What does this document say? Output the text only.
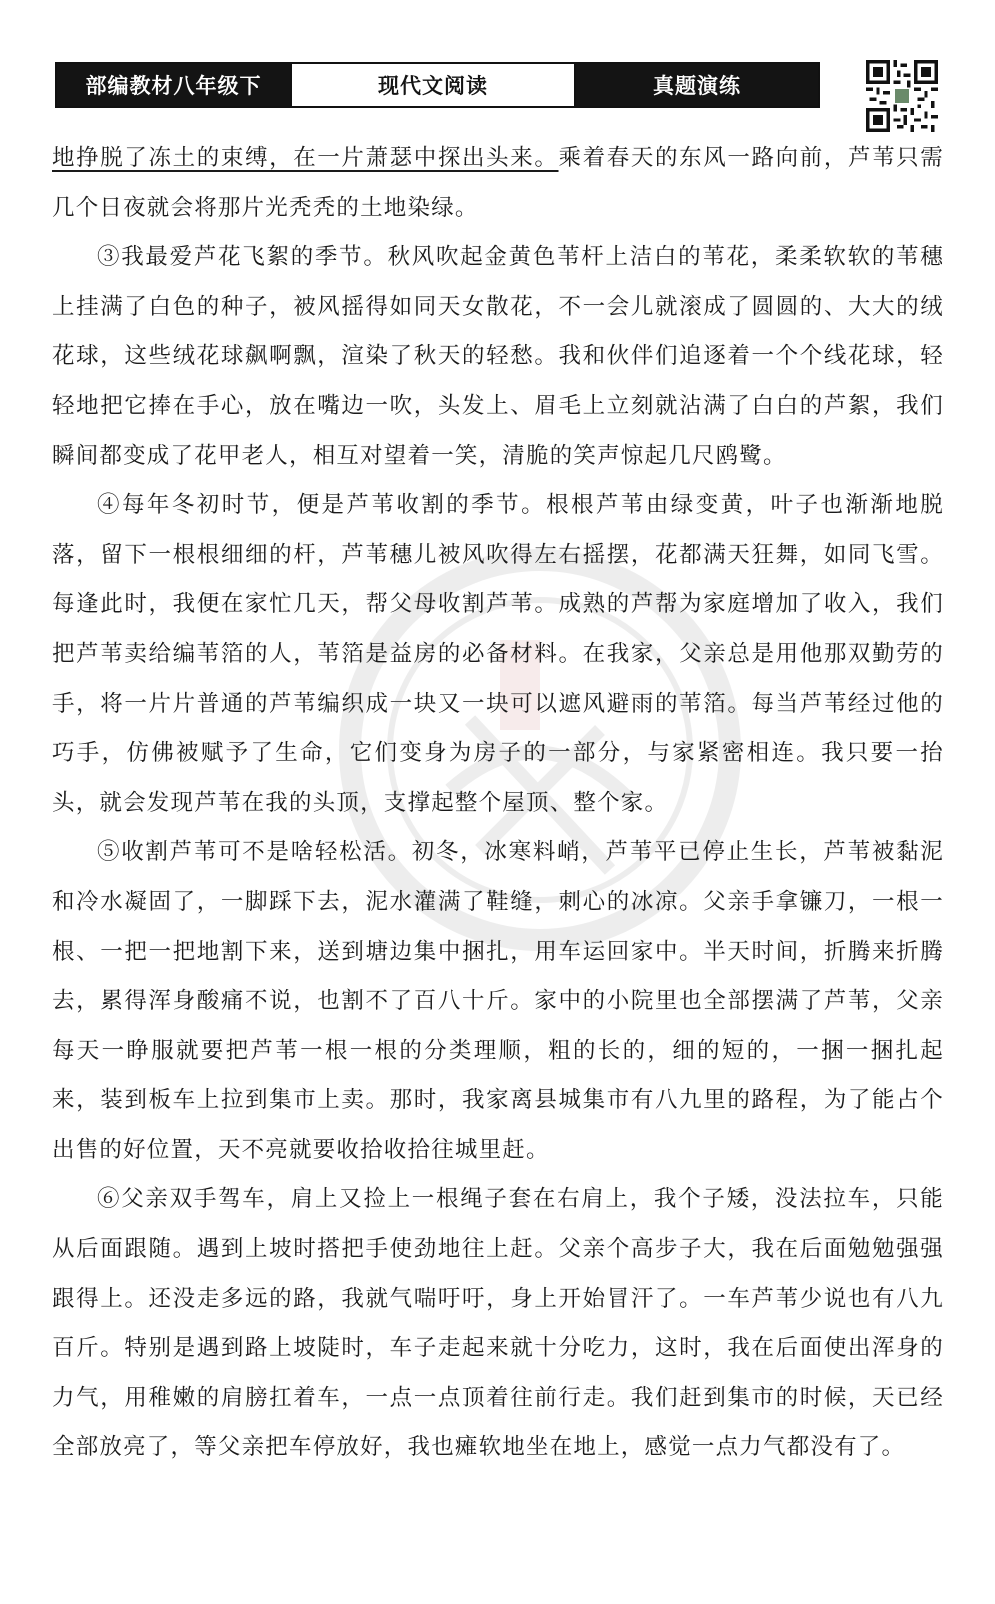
部编教材八年级下	现代文阅读	真题演练

地挣脱了冻土的束缚，在一片萧瑟中探出头来。乘着春天的东风一路向前，芦苇只需几个日夜就会将那片光秃秃的土地染绿。

③我最爱芦花飞絮的季节。秋风吹起金黄色苇杆上洁白的苇花，柔柔软软的苇穗上挂满了白色的种子，被风摇得如同天女散花，不一会儿就滚成了圆圆的、大大的绒花球，这些绒花球飙啊飘，渲染了秋天的轻愁。我和伙伴们追逐着一个个线花球，轻轻地把它捧在手心，放在嘴边一吹，头发上、眉毛上立刻就沾满了白白的芦絮，我们瞬间都变成了花甲老人，相互对望着一笑，清脆的笑声惊起几尺鸥鹭。

④每年冬初时节，便是芦苇收割的季节。根根芦苇由绿变黄，叶子也渐渐地脱落，留下一根根细细的杆，芦苇穗儿被风吹得左右摇摆，花都满天狂舞，如同飞雪。每逢此时，我便在家忙几天，帮父母收割芦苇。成熟的芦帮为家庭增加了收入，我们把芦苇卖给编苇箔的人，苇箔是益房的必备材料。在我家，父亲总是用他那双勤劳的手，将一片片普通的芦苇编织成一块又一块可以遮风避雨的苇箔。每当芦苇经过他的巧手，仿佛被赋予了生命，它们变身为房子的一部分，与家紧密相连。我只要一抬头，就会发现芦苇在我的头顶，支撑起整个屋顶、整个家。

⑤收割芦苇可不是啥轻松活。初冬，冰寒料峭，芦苇平已停止生长，芦苇被黏泥和冷水凝固了，一脚踩下去，泥水灌满了鞋缝，刺心的冰凉。父亲手拿镰刀，一根一根、一把一把地割下来，送到塘边集中捆扎，用车运回家中。半天时间，折腾来折腾去，累得浑身酸痛不说，也割不了百八十斤。家中的小院里也全部摆满了芦苇，父亲每天一睁服就要把芦苇一根一根的分类理顺，粗的长的，细的短的，一捆一捆扎起来，装到板车上拉到集市上卖。那时，我家离县城集市有八九里的路程，为了能占个出售的好位置，天不亮就要收拾收拾往城里赶。

⑥父亲双手驾车，肩上又捡上一根绳子套在右肩上，我个子矮，没法拉车，只能从后面跟随。遇到上坡时搭把手使劲地往上赶。父亲个高步子大，我在后面勉勉强强跟得上。还没走多远的路，我就气喘吁吁，身上开始冒汗了。一车芦苇少说也有八九百斤。特别是遇到路上坡陡时，车子走起来就十分吃力，这时，我在后面使出浑身的力气，用稚嫩的肩膀扛着车，一点一点顶着往前行走。我们赶到集市的时候，天已经全部放亮了，等父亲把车停放好，我也瘫软地坐在地上，感觉一点力气都没有了。
